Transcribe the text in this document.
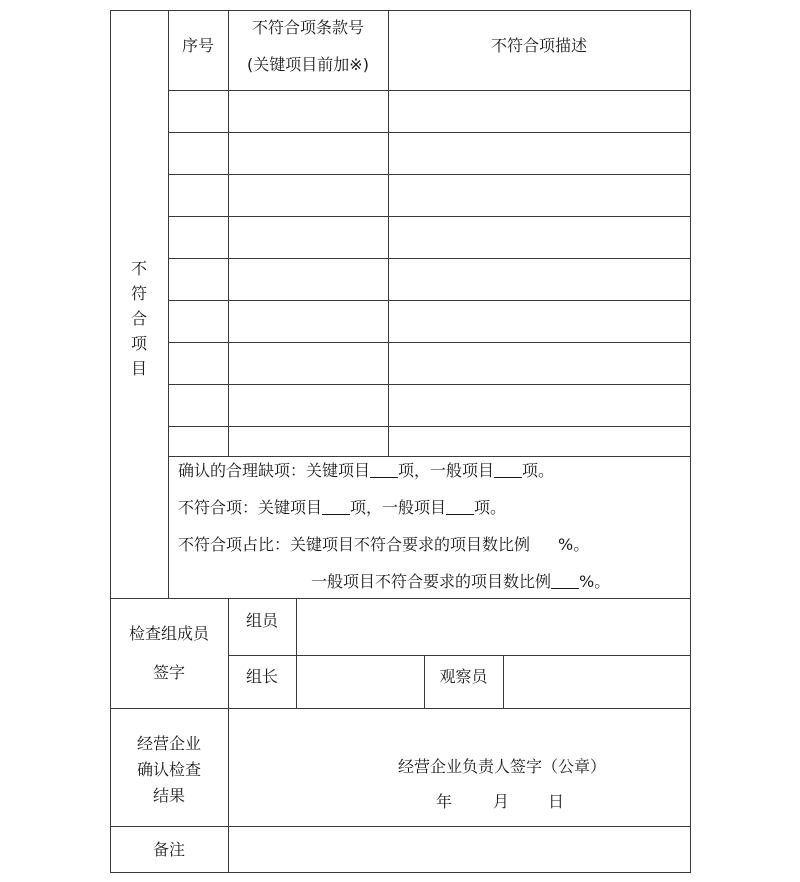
序号
不符合项条款号
(关键项目前加※)
不符合项描述
不
符
合
项
目
确认的合理缺项：关键项目 项，一般项目 项。
不符合项：关键项目 项，一般项目 项。
不符合项占比：关键项目不符合要求的项目数比例 %。
一般项目不符合要求的项目数比例 %。
检查组成员
签字
组员
组长	观察员
经营企业
确认检查
结果
经营企业负责人签字（公章）
年	月 日
备注
